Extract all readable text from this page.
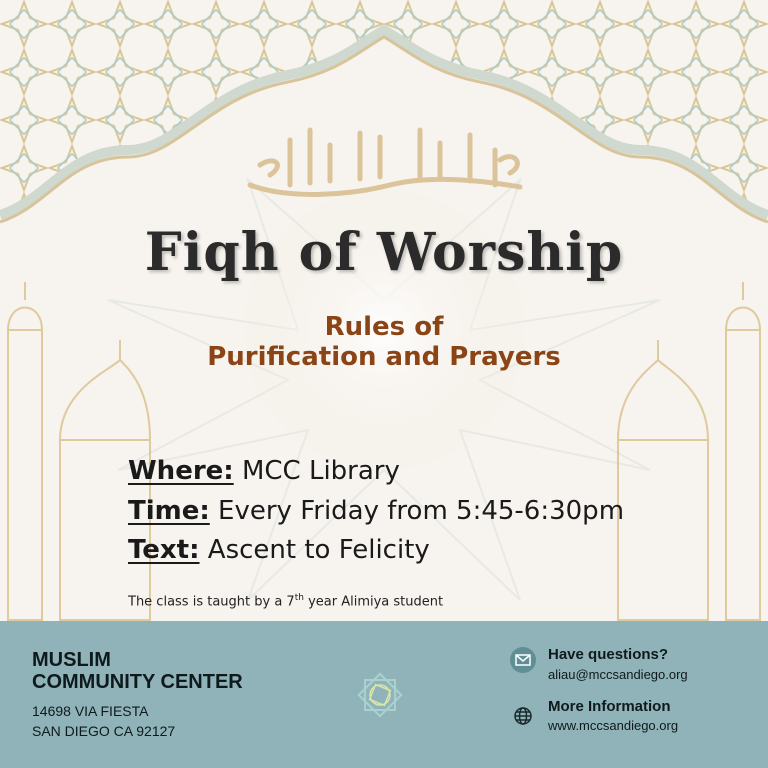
Fiqh of Worship
Rules of
Purification and Prayers
Where: MCC Library
Time: Every Friday from 5:45-6:30pm
Text: Ascent to Felicity
The class is taught by a 7th year Alimiya student
MUSLIM
COMMUNITY CENTER
14698 VIA FIESTA
SAN DIEGO CA 92127
Have questions?
aliau@mccsandiego.org
More Information
www.mccsandiego.org
